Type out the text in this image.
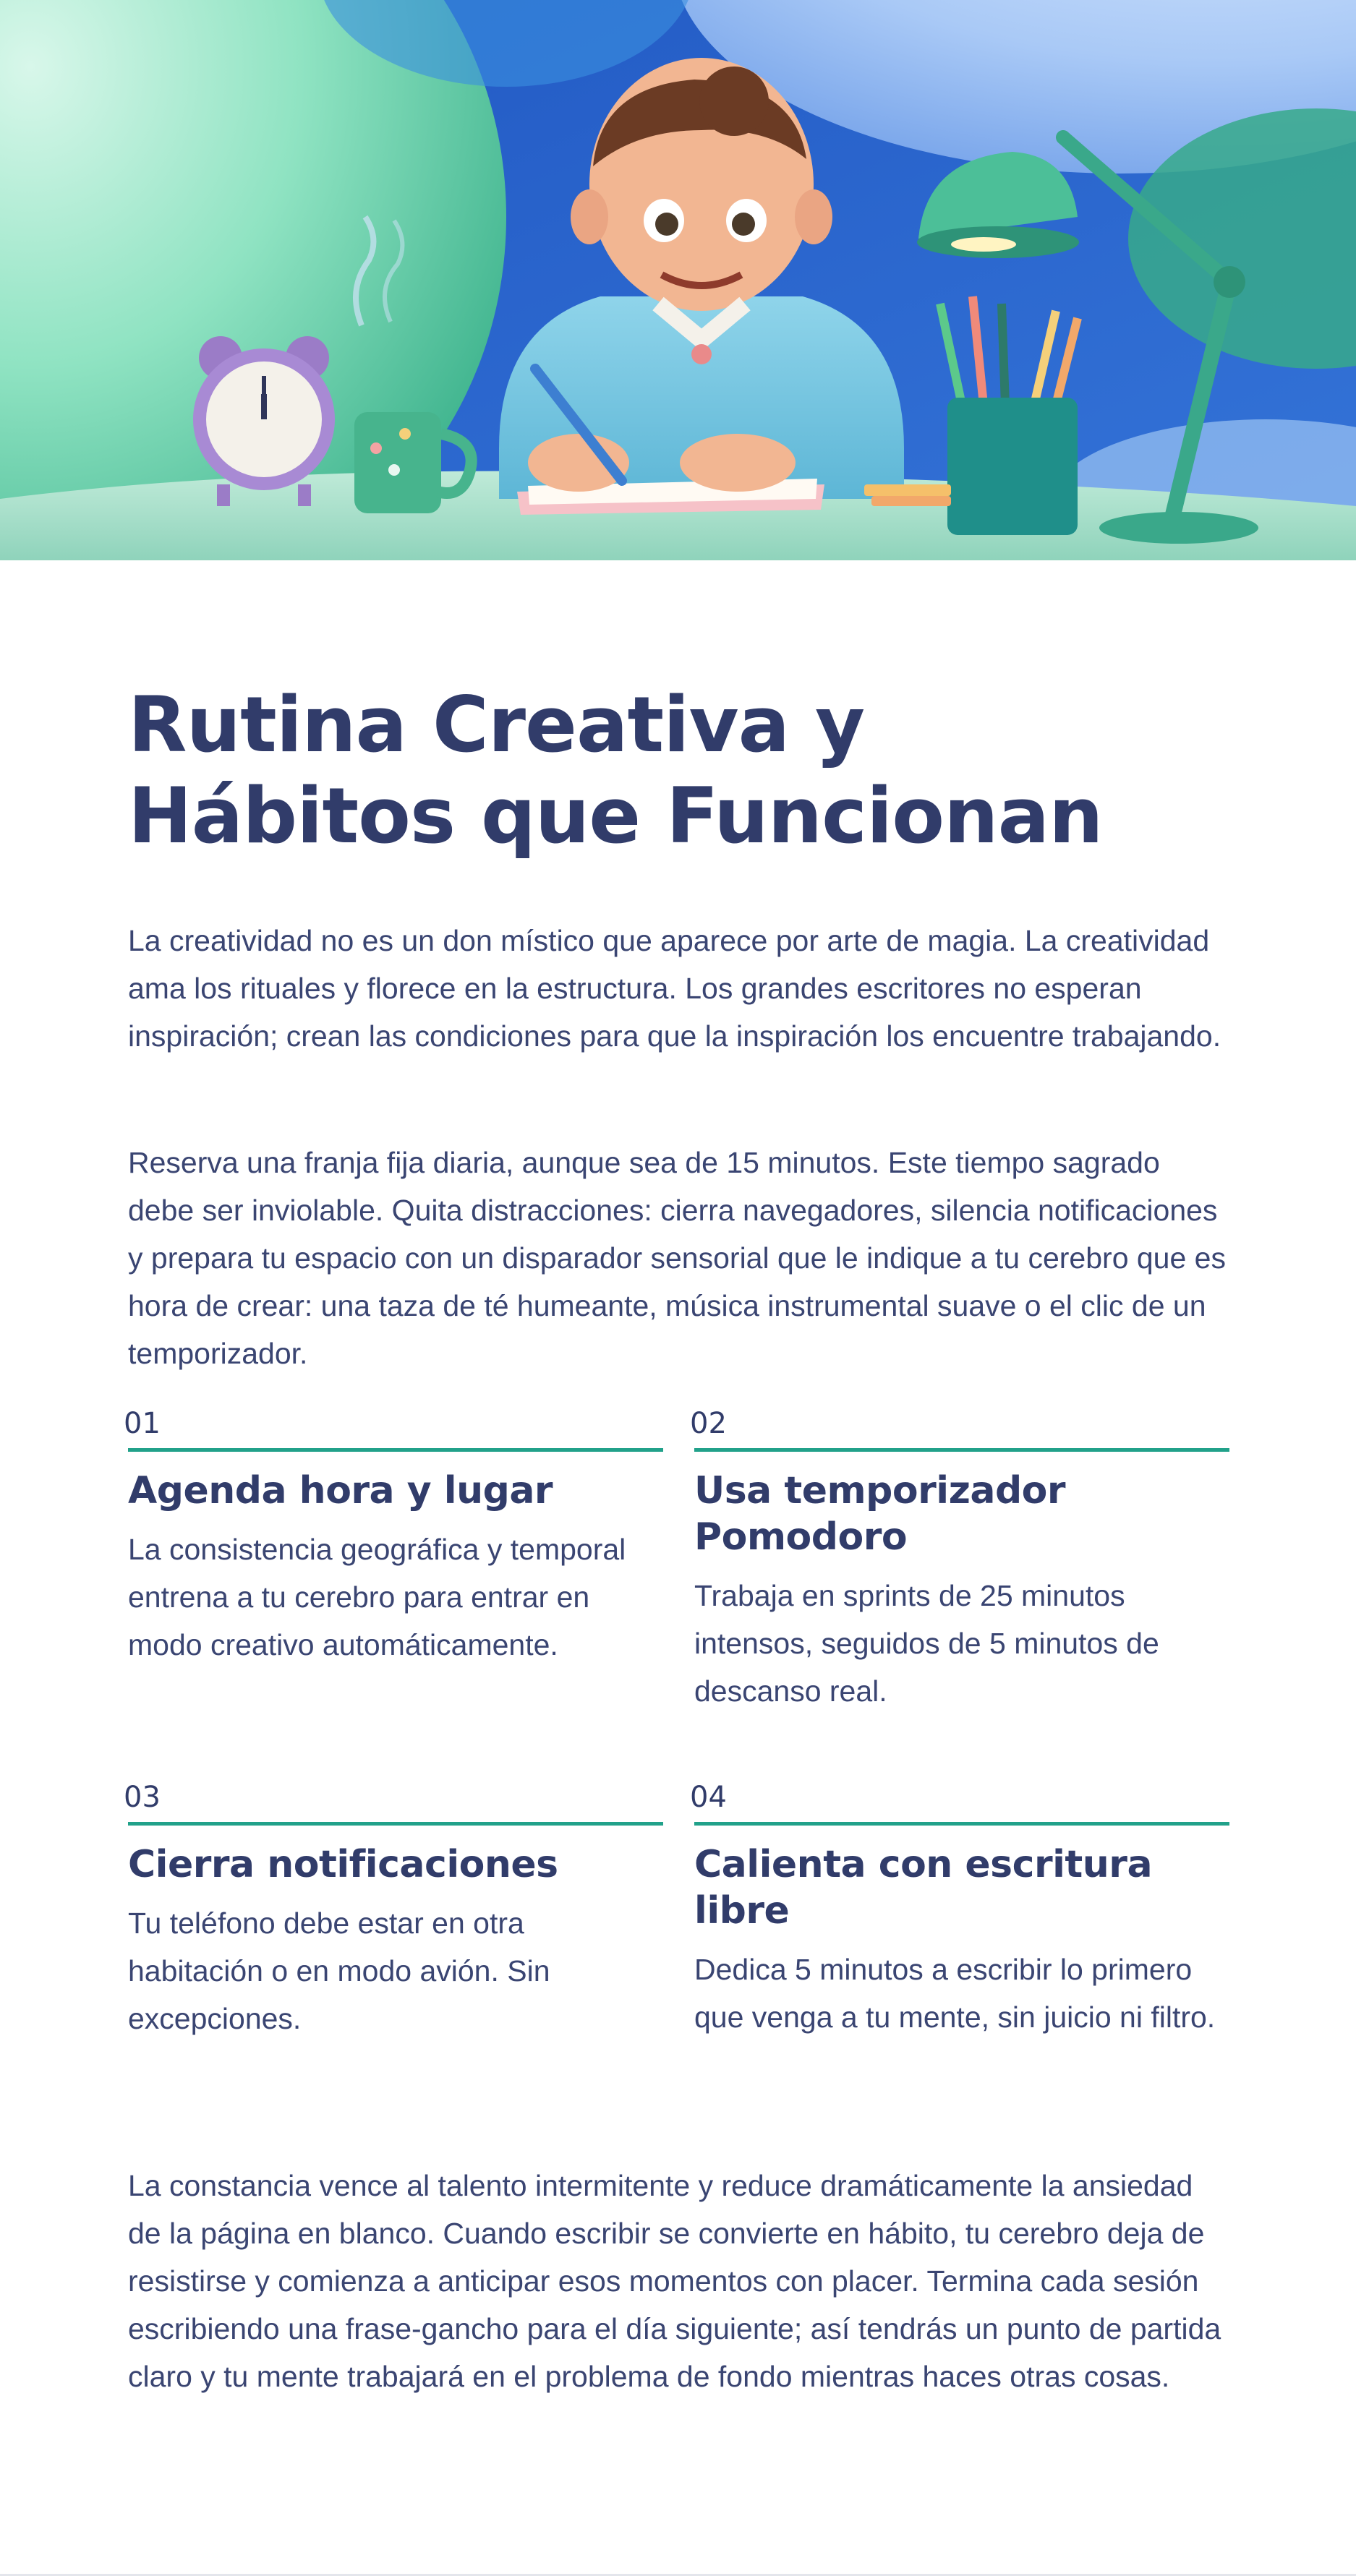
Rutina Creativa y
Hábitos que Funcionan

La creatividad no es un don místico que aparece por arte de magia. La creatividad ama los rituales y florece en la estructura. Los grandes escritores no esperan inspiración; crean las condiciones para que la inspiración los encuentre trabajando.

Reserva una franja fija diaria, aunque sea de 15 minutos. Este tiempo sagrado debe ser inviolable. Quita distracciones: cierra navegadores, silencia notificaciones y prepara tu espacio con un disparador sensorial que le indique a tu cerebro que es hora de crear: una taza de té humeante, música instrumental suave o el clic de un temporizador.

01
Agenda hora y lugar

La consistencia geográfica y temporal entrena a tu cerebro para entrar en modo creativo automáticamente.

02
Usa temporizador Pomodoro

Trabaja en sprints de 25 minutos intensos, seguidos de 5 minutos de descanso real.

03
Cierra notificaciones

Tu teléfono debe estar en otra habitación o en modo avión. Sin excepciones.

04
Calienta con escritura libre

Dedica 5 minutos a escribir lo primero que venga a tu mente, sin juicio ni filtro.

La constancia vence al talento intermitente y reduce dramáticamente la ansiedad de la página en blanco. Cuando escribir se convierte en hábito, tu cerebro deja de resistirse y comienza a anticipar esos momentos con placer. Termina cada sesión escribiendo una frase-gancho para el día siguiente; así tendrás un punto de partida claro y tu mente trabajará en el problema de fondo mientras haces otras cosas.
